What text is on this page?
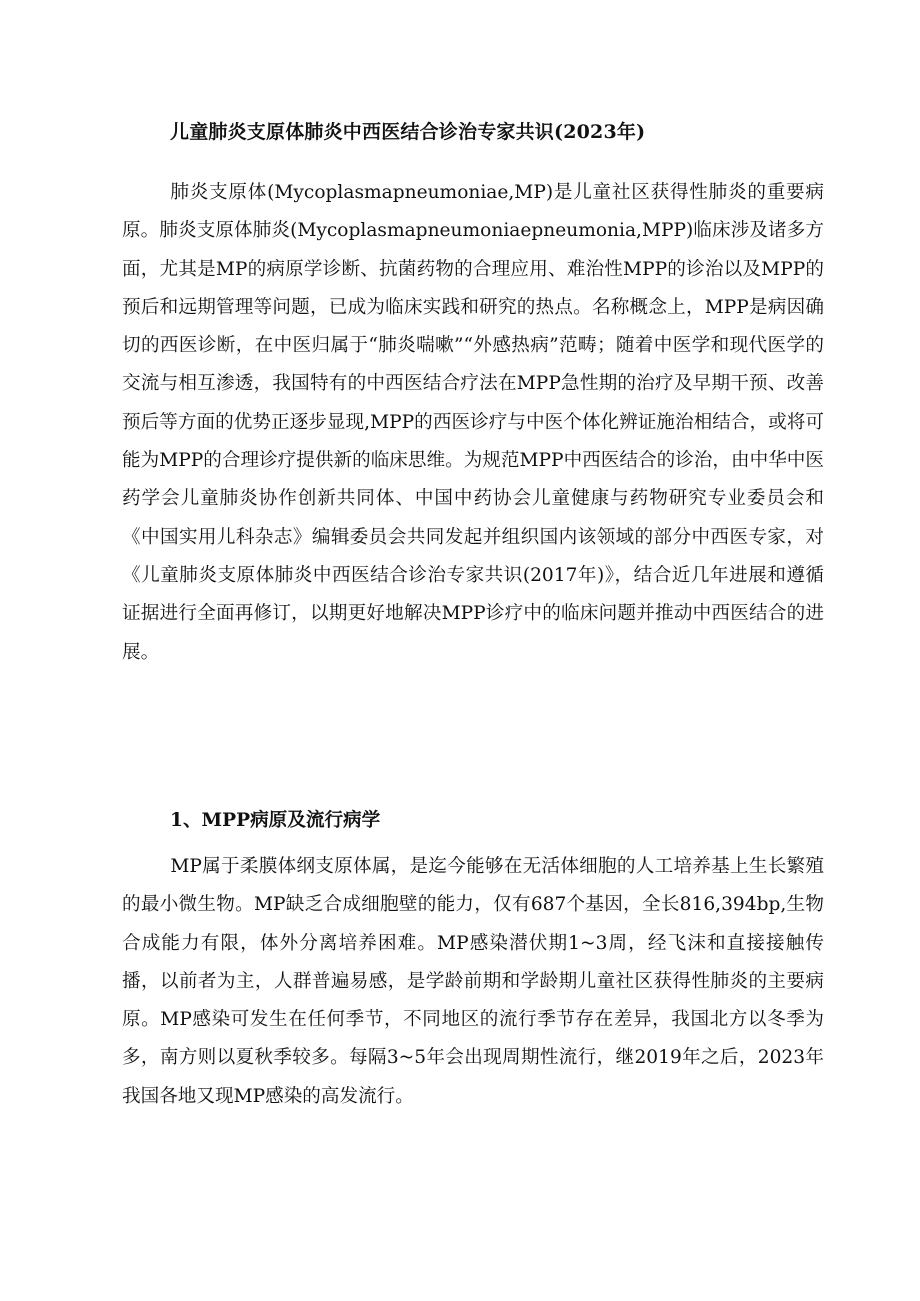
儿童肺炎支原体肺炎中西医结合诊治专家共识(2023年)

肺炎支原体(Mycoplasmapneumoniae,MP)是儿童社区获得性肺炎的重要病原。肺炎支原体肺炎(Mycoplasmapneumoniaepneumonia,MPP)临床涉及诸多方面，尤其是MP的病原学诊断、抗菌药物的合理应用、难治性MPP的诊治以及MPP的预后和远期管理等问题，已成为临床实践和研究的热点。名称概念上，MPP是病因确切的西医诊断，在中医归属于“肺炎喘嗽”“外感热病”范畴；随着中医学和现代医学的交流与相互渗透，我国特有的中西医结合疗法在MPP急性期的治疗及早期干预、改善预后等方面的优势正逐步显现,MPP的西医诊疗与中医个体化辨证施治相结合，或将可能为MPP的合理诊疗提供新的临床思维。为规范MPP中西医结合的诊治，由中华中医药学会儿童肺炎协作创新共同体、中国中药协会儿童健康与药物研究专业委员会和《中国实用儿科杂志》编辑委员会共同发起并组织国内该领域的部分中西医专家，对《儿童肺炎支原体肺炎中西医结合诊治专家共识(2017年)》，结合近几年进展和遵循证据进行全面再修订，以期更好地解决MPP诊疗中的临床问题并推动中西医结合的进展。

1、MPP病原及流行病学

MP属于柔膜体纲支原体属，是迄今能够在无活体细胞的人工培养基上生长繁殖的最小微生物。MP缺乏合成细胞壁的能力，仅有687个基因，全长816,394bp,生物合成能力有限，体外分离培养困难。MP感染潜伏期1~3周，经飞沫和直接接触传播，以前者为主，人群普遍易感，是学龄前期和学龄期儿童社区获得性肺炎的主要病原。MP感染可发生在任何季节，不同地区的流行季节存在差异，我国北方以冬季为多，南方则以夏秋季较多。每隔3~5年会出现周期性流行，继2019年之后，2023年我国各地又现MP感染的高发流行。
